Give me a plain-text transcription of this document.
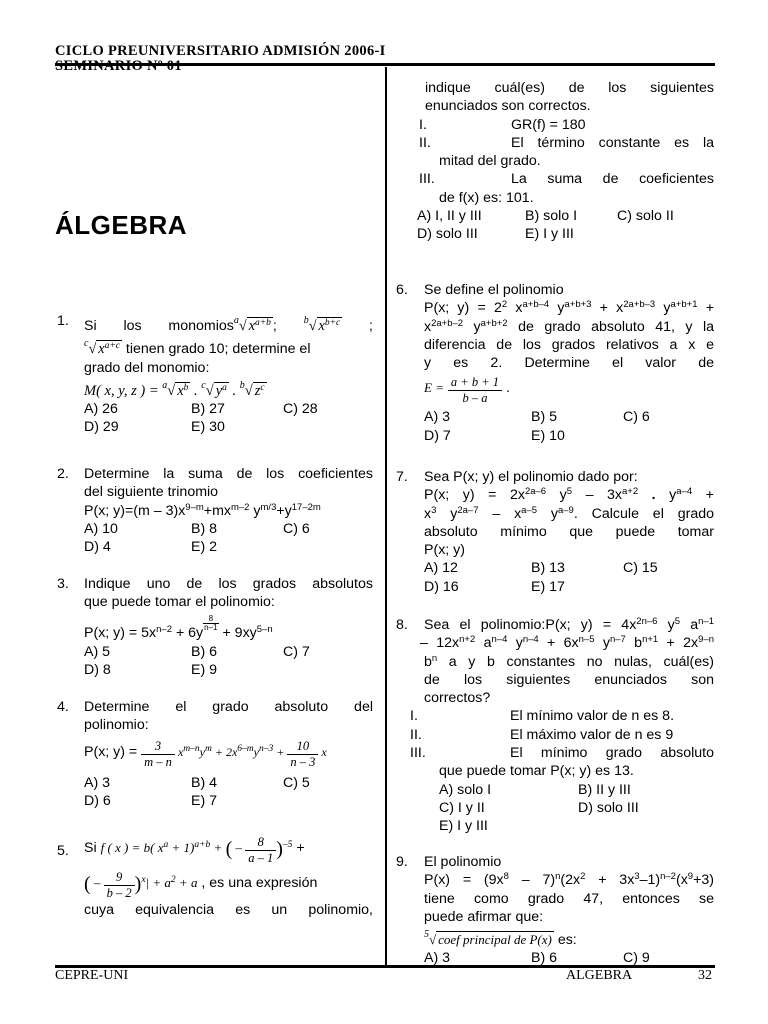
CICLO PREUNIVERSITARIO ADMISIÓN 2006-I
SEMINARIO Nº 01
ÁLGEBRA
1. Si los monomios$^a$√ $x^{a+b}$ ; $^b$√ $x^{b+c}$ ;

$^c$√ $x^{a+c}$ tienen grado 10; determine el

grado del monomio:

M( x, y, z ) = $^a$√ $x^b$ . $^c$√ $y^a$ . $^b$√ $z^c$

A) 26	B) 27	C) 28
D) 29	E) 30
2. Determine la suma de los coeficientes

del siguiente trinomio

P(x; $y)=(m - 3)x^{9-m}+mx^{m-2}$ $y^{m/3}+y^{17-2m}$

A) 10	B) 8	C) 6
D) 4	E) 2
3. Indique uno de los grados absolutos

que puede tomar el polinomio:

P(x; $y) = 5x^{n-2} + 6y$
$^{\frac{8}{n-1}}$
+ $9xy^{5-n}$

A) 5	B) 6	C) 7
D) 8	E) 9
4. Determine el grado absoluto del

polinomio:

P(x; $y) = \frac{3}{m - n} x^{m-n}y^m + 2x^{6-m}y^{n-3} + \frac{10}{n - 3}$ x

A) 3	B) 4	C) 5
D) 6	E) 7
5. Si f ( x ) = b( $x^a + 1)^{a+b}$ + ( – $\frac{8}{a - 1} )^{-5}$ +

( – $\frac{9}{b - 2} )^x| + a^2 + a$ , es una expresión

cuya equivalencia es un polinomio,

indique cuál(es) de los siguientes

enunciados son correctos.

I.	GR(f) = 180

II.	El término constante es la

mitad del grado.

III.	La suma de coeficientes

de f(x) es: 101.

A) I, II y III	B) solo I	C) solo II
D) solo III	E) I y III
6. Se define el polinomio

P(x; $y) = 2^2$ $x^{a+b-4}$ $y^{a+b+3} + x^{2a+b-3}$ $y^{a+b+1}$ +

$x^{2a+b-2}$ $y^{a+b+2}$ de grado absoluto 41, y la

diferencia de los grados relativos a x e

y es 2. Determine el valor de

$E = \frac{a + b + 1}{b - a}$ .

A) 3	B) 5	C) 6
D) 7	E) 10
7. Sea P(x; y) el polinomio dado por:

P(x; $y) = 2x^{2a-6}$ $y^5 - 3x^{a+2}$ . $y^{a-4}$ +

$x^3$ $y^{2a-7} - x^{a-5}$ $y^{a-9}$. Calcule el grado

absoluto mínimo que puede tomar

P(x; y)

A) 12	B) 13	C) 15
D) 16	E) 17
8. Sea el polinomio:P(x; $y) = 4x^{2n-6}$ $y^5$ $a^{n-1}$

– $12x^{n+2}$ $a^{n-4}$ $y^{n-4} + 6x^{n-5}$ $y^{n-7}$ $b^{n+1} + 2x^{9-n}$

$b^n$ a y b constantes no nulas, cuál(es)

de los siguientes enunciados son

correctos?

I.	El mínimo valor de n es 8.

II.	El máximo valor de n es 9

III.	El mínimo grado absoluto

que puede tomar P(x; y) es 13.

A) solo I	B) II y III
C) I y II	D) solo III
E) I y III
9. El polinomio

$P(x) = (9x^8 - 7)^n(2x^2 + 3x^3-1)^{n-2}(x^9+3)$

tiene como grado 47, entonces se

puede afirmar que:

$^5$√ coef principal de P(x) es:

A) 3	B) 6	C) 9
CEPRE-UNI	ALGEBRA	32
